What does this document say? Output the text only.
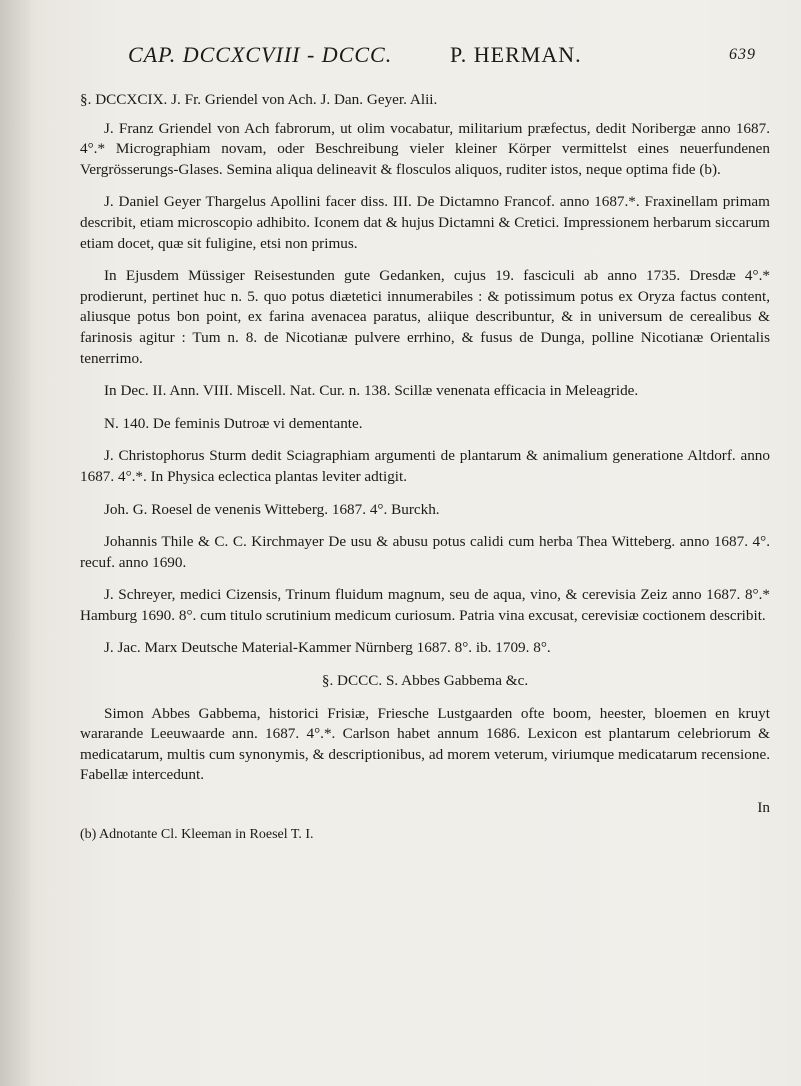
CAP. DCCXCVIII - DCCC.	P. HERMAN.	639

§. DCCXCIX. J. Fr. Griendel von Ach. J. Dan. Geyer. Alii.

J. Franz Griendel von Ach fabrorum, ut olim vocabatur, militarium præfectus, dedit Noribergæ anno 1687. 4°.* Micrographiam novam, oder Beschreibung vieler kleiner Körper vermittelst eines neuerfundenen Vergrösserungs-Glases. Semina aliqua delineavit & flosculos aliquos, ruditer istos, neque optima fide (b).

J. Daniel Geyer Thargelus Apollini facer diss. III. De Dictamno Francof. anno 1687.*. Fraxinellam primam describit, etiam microscopio adhibito. Iconem dat & hujus Dictamni & Cretici. Impressionem herbarum siccarum etiam docet, quæ sit fuligine, etsi non primus.

In Ejusdem Müssiger Reisestunden gute Gedanken, cujus 19. fasciculi ab anno 1735. Dresdæ 4°.* prodierunt, pertinet huc n. 5. quo potus diætetici innumerabiles : & potissimum potus ex Oryza factus content, aliusque potus bon point, ex farina avenacea paratus, aliique describuntur, & in universum de cerealibus & farinosis agitur : Tum n. 8. de Nicotianæ pulvere errhino, & fusus de Dunga, polline Nicotianæ Orientalis tenerrimo.

In Dec. II. Ann. VIII. Miscell. Nat. Cur. n. 138. Scillæ venenata efficacia in Meleagride.

N. 140. De feminis Dutroæ vi dementante.

J. Christophorus Sturm dedit Sciagraphiam argumenti de plantarum & animalium generatione Altdorf. anno 1687. 4°.*. In Physica eclectica plantas leviter adtigit.

Joh. G. Roesel de venenis Witteberg. 1687. 4°. Burckh.

Johannis Thile & C. C. Kirchmayer De usu & abusu potus calidi cum herba Thea Witteberg. anno 1687. 4°. recuf. anno 1690.

J. Schreyer, medici Cizensis, Trinum fluidum magnum, seu de aqua, vino, & cerevisia Zeiz anno 1687. 8°.* Hamburg 1690. 8°. cum titulo scrutinium medicum curiosum. Patria vina excusat, cerevisiæ coctionem describit.

J. Jac. Marx Deutsche Material-Kammer Nürnberg 1687. 8°. ib. 1709. 8°.

§. DCCC. S. Abbes Gabbema &c.

Simon Abbes Gabbema, historici Frisiæ, Friesche Lustgaarden ofte boom, heester, bloemen en kruyt wararande Leeuwaarde ann. 1687. 4°.*. Carlson habet annum 1686. Lexicon est plantarum celebriorum & medicatarum, multis cum synonymis, & descriptionibus, ad morem veterum, viriumque medicatarum recensione. Fabellæ intercedunt.

In

(b) Adnotante Cl. Kleeman in Roesel T. I.
